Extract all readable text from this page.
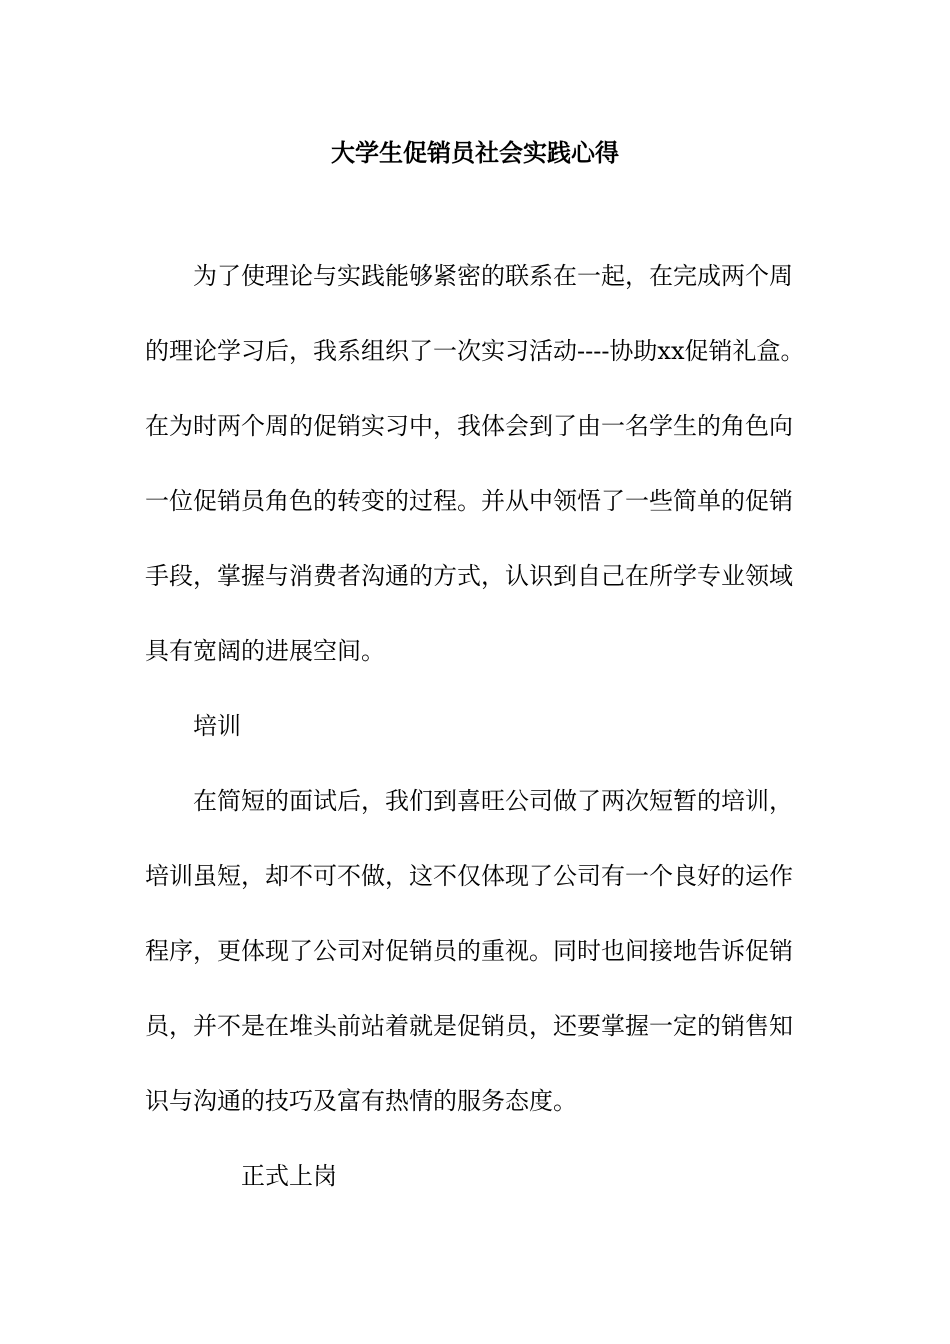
大学生促销员社会实践心得
为了使理论与实践能够紧密的联系在一起，在完成两个周
的理论学习后，我系组织了一次实习活动----协助xx促销礼盒。
在为时两个周的促销实习中，我体会到了由一名学生的角色向
一位促销员角色的转变的过程。并从中领悟了一些简单的促销
手段，掌握与消费者沟通的方式，认识到自己在所学专业领域
具有宽阔的进展空间。
培训
在简短的面试后，我们到喜旺公司做了两次短暂的培训，
培训虽短，却不可不做，这不仅体现了公司有一个良好的运作
程序，更体现了公司对促销员的重视。同时也间接地告诉促销
员，并不是在堆头前站着就是促销员，还要掌握一定的销售知
识与沟通的技巧及富有热情的服务态度。
正式上岗
